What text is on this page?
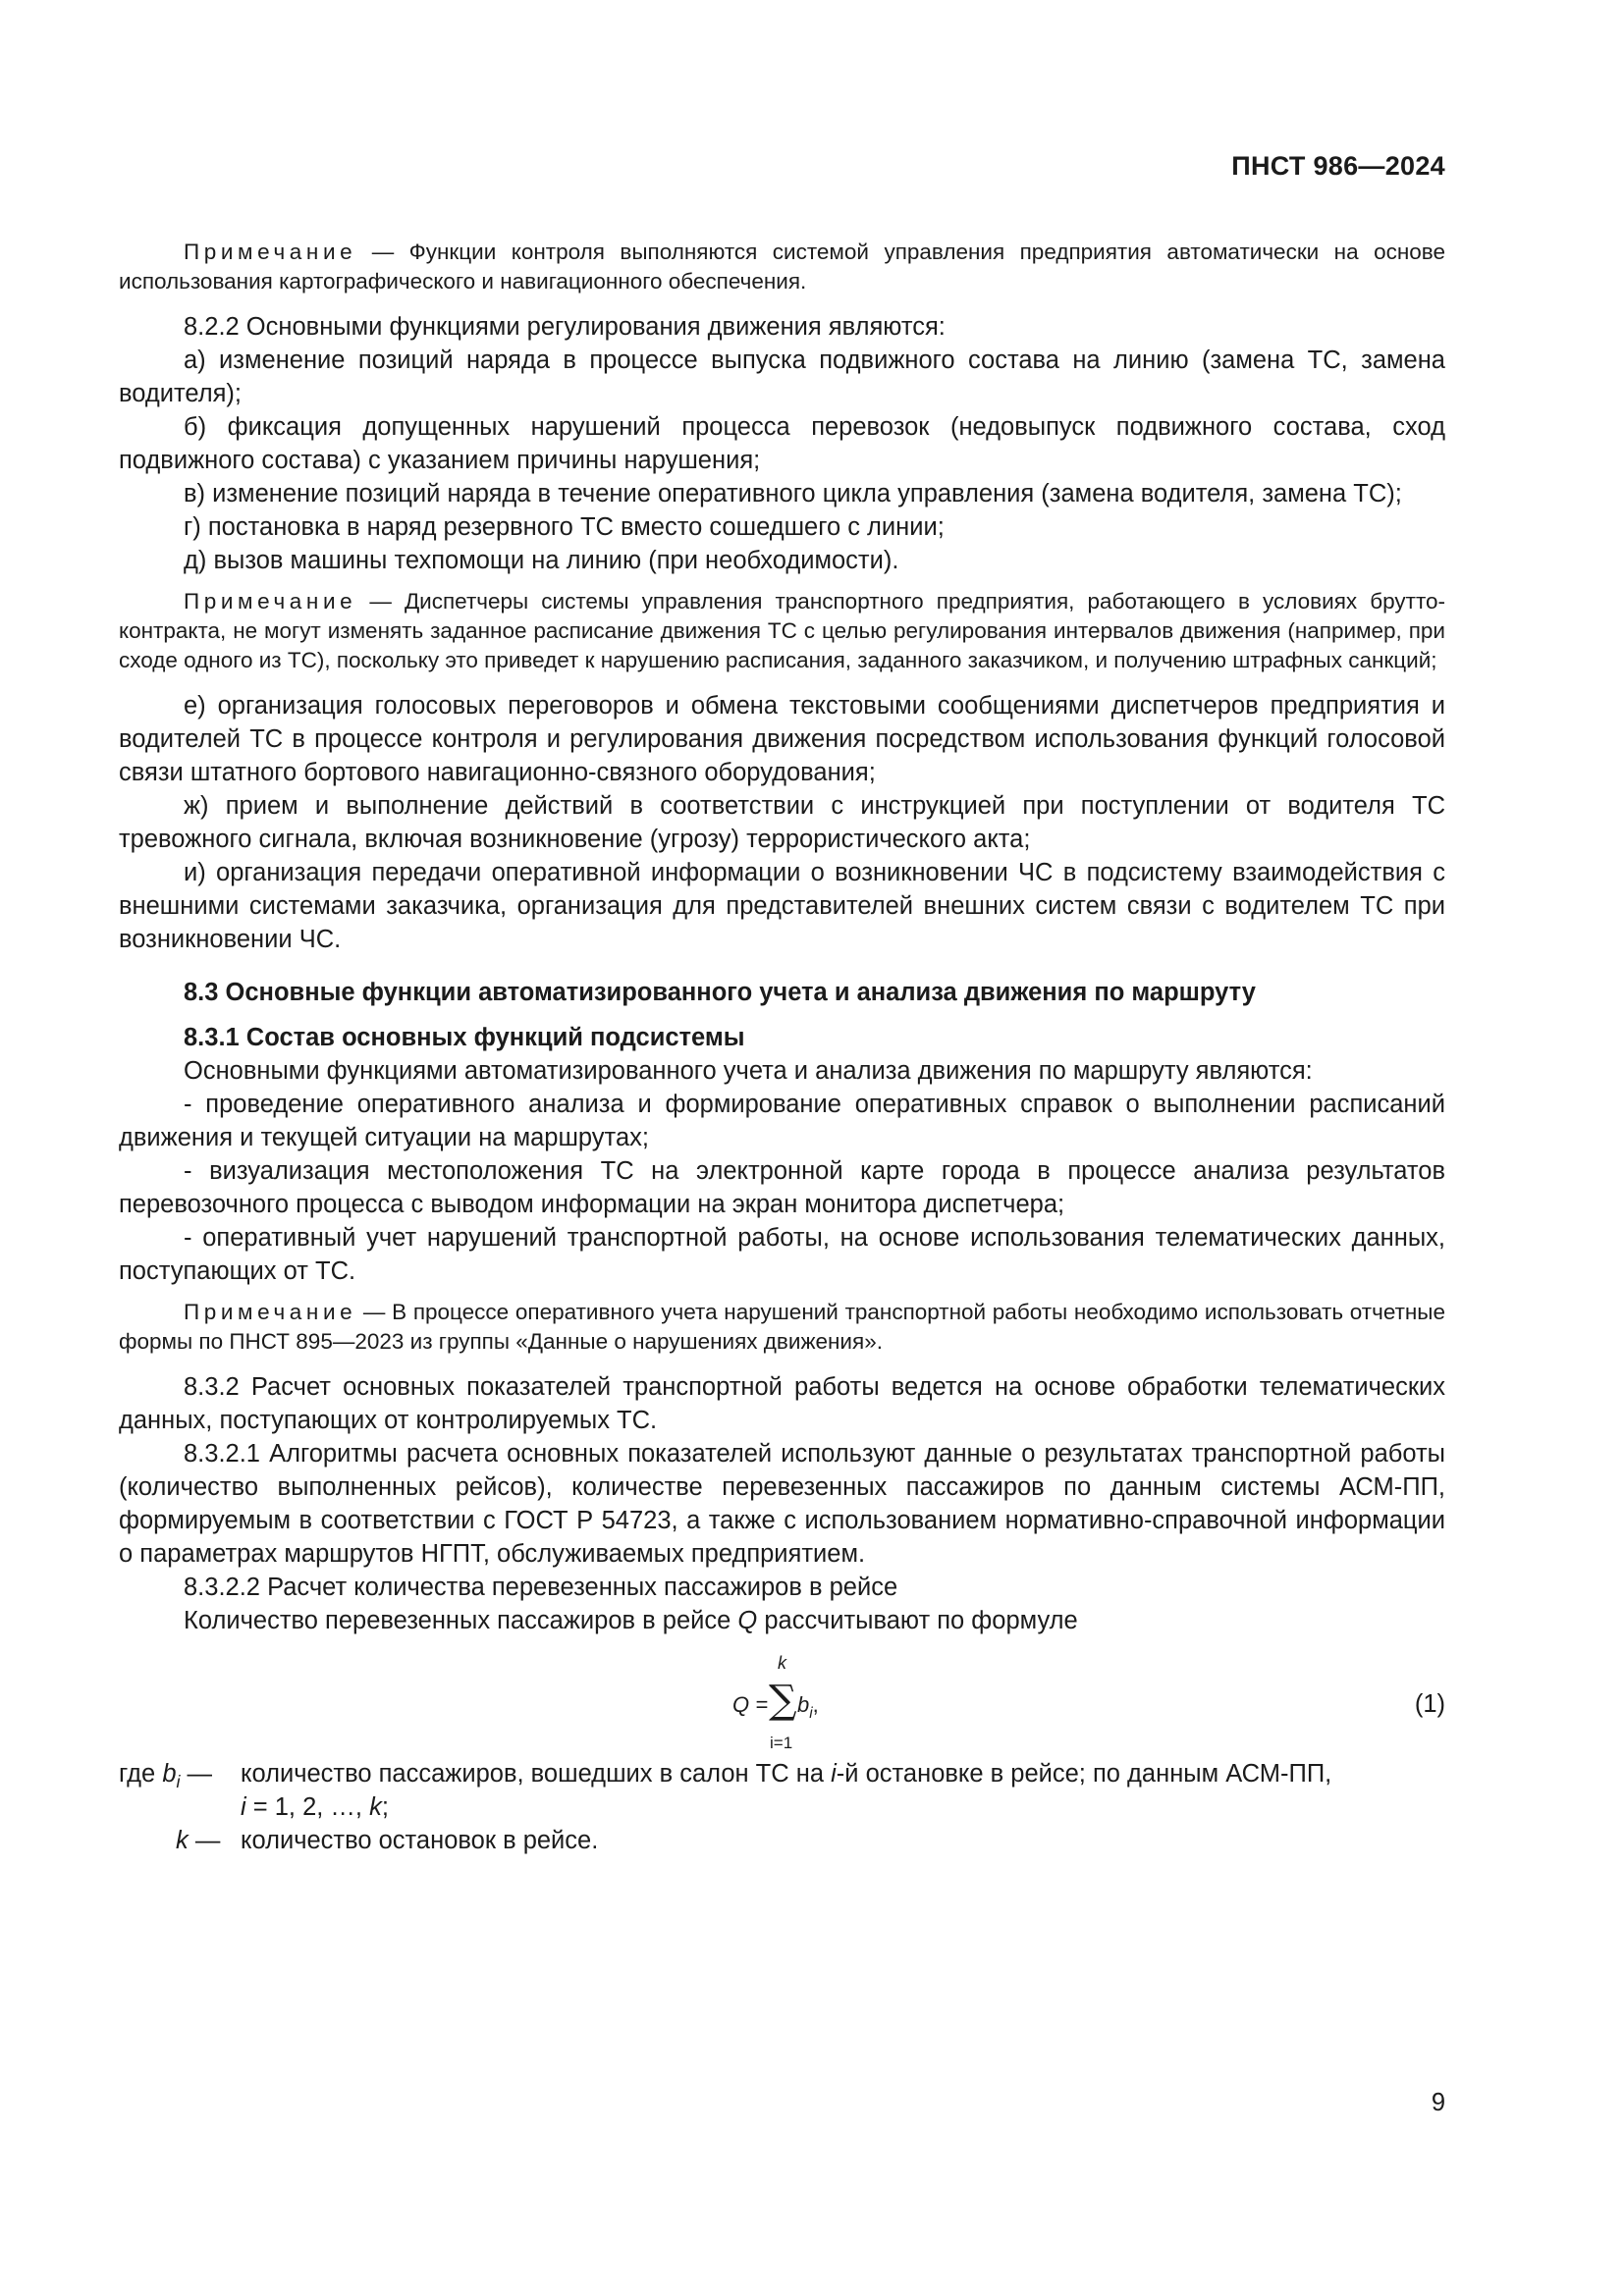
ПНСТ 986—2024

Примечание — Функции контроля выполняются системой управления предприятия автоматически на основе использования картографического и навигационного обеспечения.

8.2.2 Основными функциями регулирования движения являются:

а) изменение позиций наряда в процессе выпуска подвижного состава на линию (замена ТС, замена водителя);

б) фиксация допущенных нарушений процесса перевозок (недовыпуск подвижного состава, сход подвижного состава) с указанием причины нарушения;

в) изменение позиций наряда в течение оперативного цикла управления (замена водителя, замена ТС);

г) постановка в наряд резервного ТС вместо сошедшего с линии;

д) вызов машины техпомощи на линию (при необходимости).

Примечание — Диспетчеры системы управления транспортного предприятия, работающего в условиях брутто-контракта, не могут изменять заданное расписание движения ТС с целью регулирования интервалов движения (например, при сходе одного из ТС), поскольку это приведет к нарушению расписания, заданного заказчиком, и получению штрафных санкций;

е) организация голосовых переговоров и обмена текстовыми сообщениями диспетчеров предприятия и водителей ТС в процессе контроля и регулирования движения посредством использования функций голосовой связи штатного бортового навигационно-связного оборудования;

ж) прием и выполнение действий в соответствии с инструкцией при поступлении от водителя ТС тревожного сигнала, включая возникновение (угрозу) террористического акта;

и) организация передачи оперативной информации о возникновении ЧС в подсистему взаимодействия с внешними системами заказчика, организация для представителей внешних систем связи с водителем ТС при возникновении ЧС.

8.3 Основные функции автоматизированного учета и анализа движения по маршруту

8.3.1 Состав основных функций подсистемы

Основными функциями автоматизированного учета и анализа движения по маршруту являются:

- проведение оперативного анализа и формирование оперативных справок о выполнении расписаний движения и текущей ситуации на маршрутах;

- визуализация местоположения ТС на электронной карте города в процессе анализа результатов перевозочного процесса с выводом информации на экран монитора диспетчера;

- оперативный учет нарушений транспортной работы, на основе использования телематических данных, поступающих от ТС.

Примечание — В процессе оперативного учета нарушений транспортной работы необходимо использовать отчетные формы по ПНСТ 895—2023 из группы «Данные о нарушениях движения».

8.3.2 Расчет основных показателей транспортной работы ведется на основе обработки телематических данных, поступающих от контролируемых ТС.

8.3.2.1 Алгоритмы расчета основных показателей используют данные о результатах транспортной работы (количество выполненных рейсов), количестве перевезенных пассажиров по данным системы АСМ-ПП, формируемым в соответствии с ГОСТ Р 54723, а также с использованием нормативно-справочной информации о параметрах маршрутов НГПТ, обслуживаемых предприятием.

8.3.2.2 Расчет количества перевезенных пассажиров в рейсе

Количество перевезенных пассажиров в рейсе Q рассчитывают по формуле

Q =
k
∑ $b_i$,
i=1
(1)
где $b_i$ —	количество пассажиров, вошедших в салон ТС на i-й остановке в рейсе; по данным АСМ-ПП,
i = 1, 2, …, k;
k — количество остановок в рейсе.
9
